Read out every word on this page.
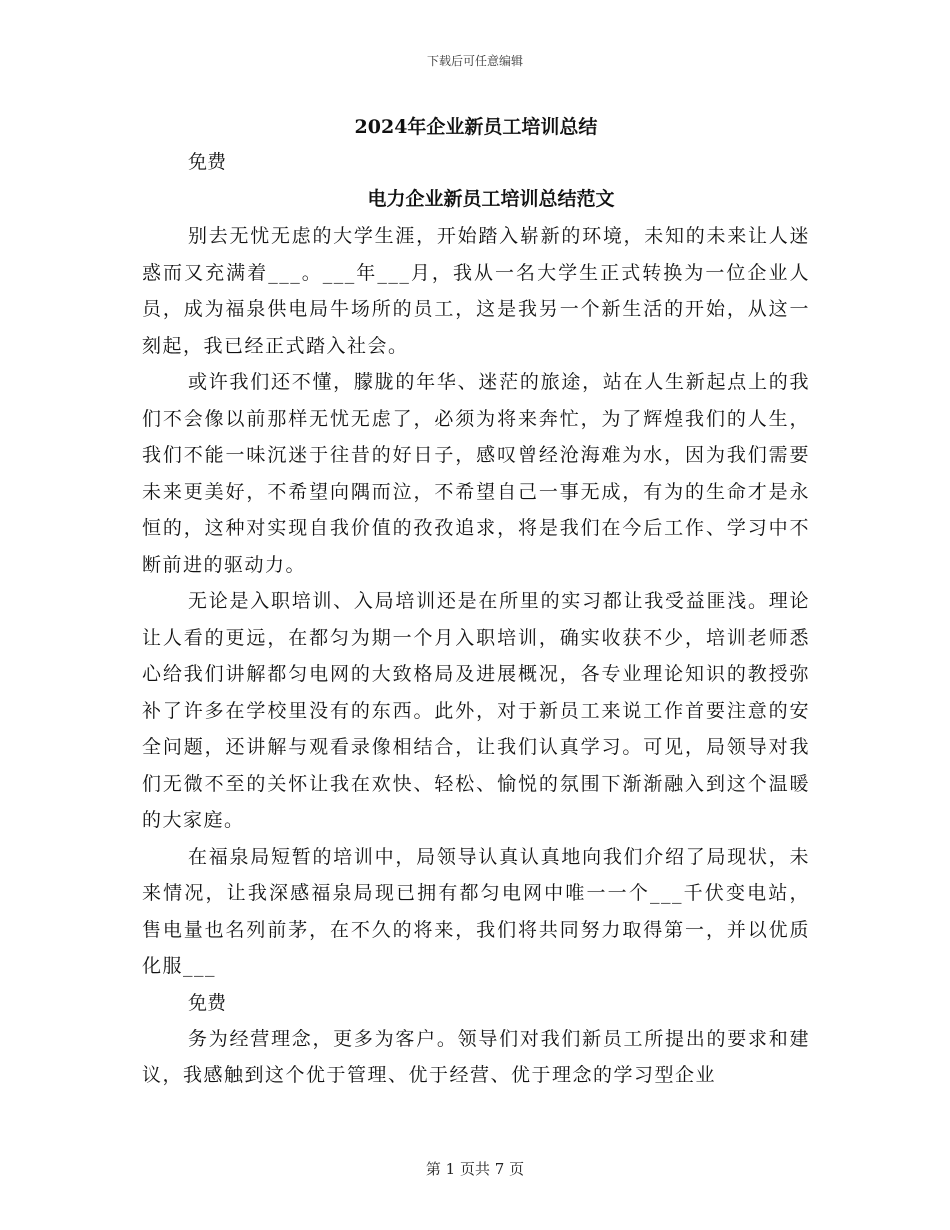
下载后可任意编辑
2024年企业新员工培训总结
免费
电力企业新员工培训总结范文

别去无忧无虑的大学生涯，开始踏入崭新的环境，未知的未来让人迷惑而又充满着___。___年___月，我从一名大学生正式转换为一位企业人员，成为福泉供电局牛场所的员工，这是我另一个新生活的开始，从这一刻起，我已经正式踏入社会。

或许我们还不懂，朦胧的年华、迷茫的旅途，站在人生新起点上的我们不会像以前那样无忧无虑了，必须为将来奔忙，为了辉煌我们的人生，我们不能一味沉迷于往昔的好日子，感叹曾经沧海难为水，因为我们需要未来更美好，不希望向隅而泣，不希望自己一事无成，有为的生命才是永恒的，这种对实现自我价值的孜孜追求，将是我们在今后工作、学习中不断前进的驱动力。

无论是入职培训、入局培训还是在所里的实习都让我受益匪浅。理论让人看的更远，在都匀为期一个月入职培训，确实收获不少，培训老师悉心给我们讲解都匀电网的大致格局及进展概况，各专业理论知识的教授弥补了许多在学校里没有的东西。此外，对于新员工来说工作首要注意的安全问题，还讲解与观看录像相结合，让我们认真学习。可见，局领导对我们无微不至的关怀让我在欢快、轻松、愉悦的氛围下渐渐融入到这个温暖的大家庭。

在福泉局短暂的培训中，局领导认真认真地向我们介绍了局现状，未来情况，让我深感福泉局现已拥有都匀电网中唯一一个___千伏变电站，售电量也名列前茅，在不久的将来，我们将共同努力取得第一，并以优质化服___

免费

务为经营理念，更多为客户。领导们对我们新员工所提出的要求和建议，我感触到这个优于管理、优于经营、优于理念的学习型企业

第 1 页共 7 页
